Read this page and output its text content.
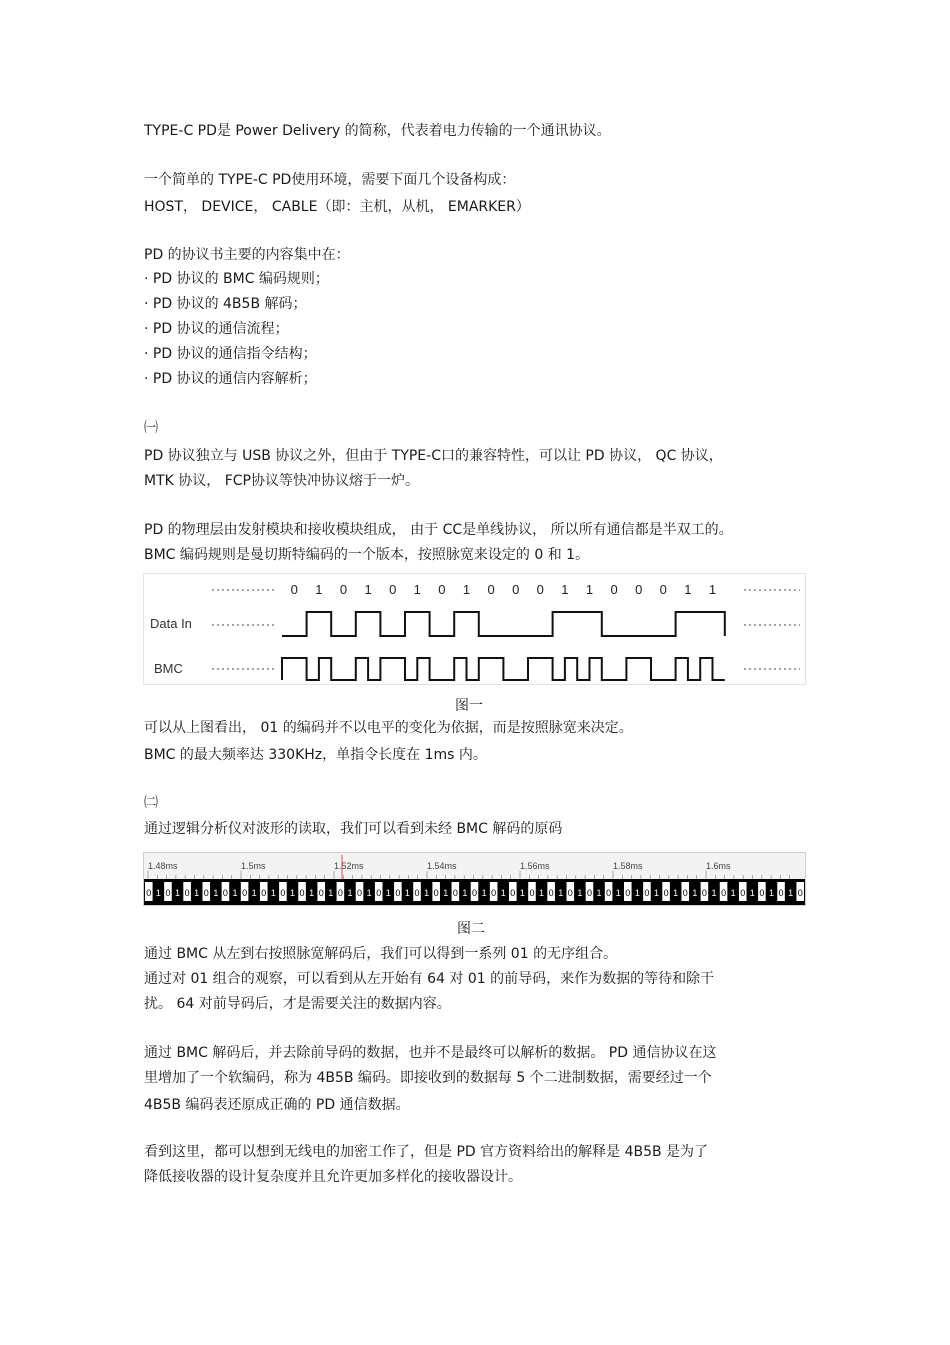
TYPE-C PD是 Power Delivery 的简称，代表着电力传输的一个通讯协议。
一个简单的 TYPE-C PD使用环境，需要下面几个设备构成：
HOST， DEVICE， CABLE（即：主机，从机， EMARKER）
PD 的协议书主要的内容集中在：
· PD 协议的 BMC 编码规则；
· PD 协议的 4B5B 解码；
· PD 协议的通信流程；
· PD 协议的通信指令结构；
· PD 协议的通信内容解析；
㈠
PD 协议独立与 USB 协议之外，但由于 TYPE-C口的兼容特性，可以让 PD 协议， QC 协议，
MTK 协议， FCP协议等快冲协议熔于一炉。
PD 的物理层由发射模块和接收模块组成， 由于 CC是单线协议， 所以所有通信都是半双工的。
BMC 编码规则是曼切斯特编码的一个版本，按照脉宽来设定的 0 和 1。
0 1 0 1 0 1 0 1 0 0 0 1 1 0 0 0 1 1
Data In
BMC
图一
可以从上图看出， 01 的编码并不以电平的变化为依据，而是按照脉宽来决定。
BMC 的最大频率达 330KHz，单指令长度在 1ms 内。
㈡
通过逻辑分析仪对波形的读取，我们可以看到未经 BMC 解码的原码
1.48ms	1.5ms	1.52ms	1.54ms	1.56ms	1.58ms	1.6ms
0 1 0 1 0 1 0 1 0 1 0 1 0 1 0 1 0 1 0 1 0 1 0 1 0 1 0 1 0 1 0 1 0 1 0 1 0 1 0 1 0 1 0 1 0 1 0 1 0 1 0 1 0 1 0 1 0 1 0 1 0 1 0 1 0 1 0 1 0
图二
通过 BMC 从左到右按照脉宽解码后，我们可以得到一系列 01 的无序组合。
通过对 01 组合的观察，可以看到从左开始有 64 对 01 的前导码，来作为数据的等待和除干
扰。 64 对前导码后，才是需要关注的数据内容。
通过 BMC 解码后，并去除前导码的数据，也并不是最终可以解析的数据。 PD 通信协议在这
里增加了一个软编码，称为 4B5B 编码。即接收到的数据每 5 个二进制数据，需要经过一个
4B5B 编码表还原成正确的 PD 通信数据。
看到这里，都可以想到无线电的加密工作了，但是 PD 官方资料给出的解释是 4B5B 是为了
降低接收器的设计复杂度并且允许更加多样化的接收器设计。
